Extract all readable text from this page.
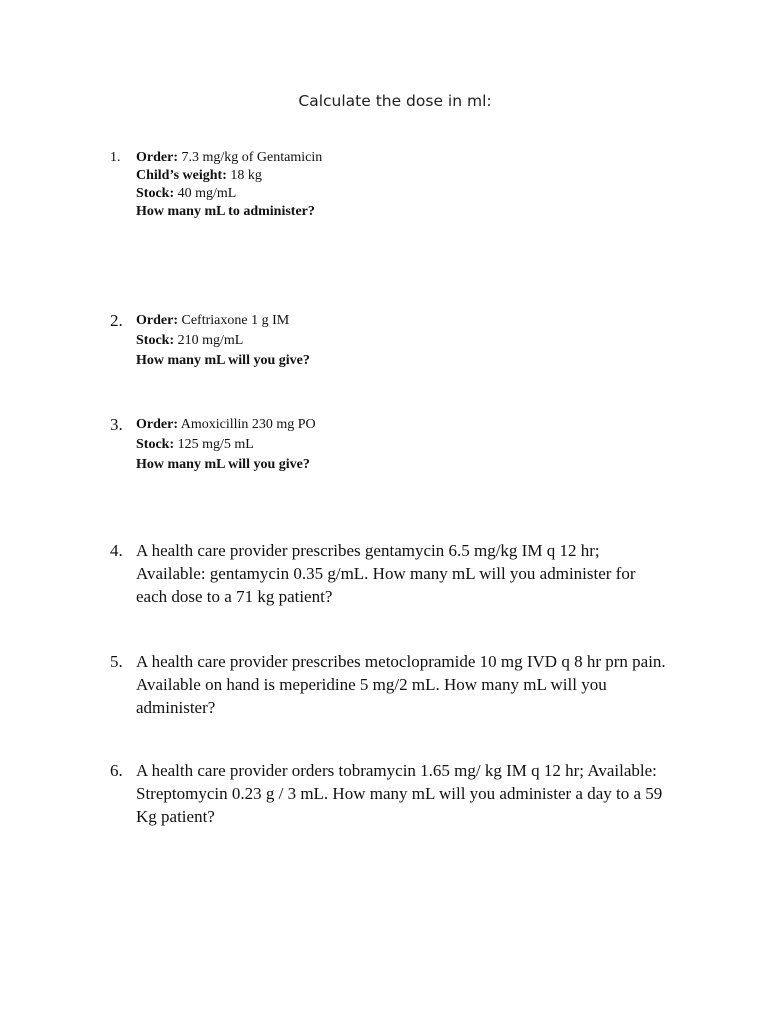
Calculate the dose in ml:
1. Order: 7.3 mg/kg of Gentamicin
Child’s weight: 18 kg
Stock: 40 mg/mL
How many mL to administer?
2. Order: Ceftriaxone 1 g IM
Stock: 210 mg/mL
How many mL will you give?
3. Order: Amoxicillin 230 mg PO
Stock: 125 mg/5 mL
How many mL will you give?
4. A health care provider prescribes gentamycin 6.5 mg/kg IM q 12 hr; Available: gentamycin 0.35 g/mL. How many mL will you administer for each dose to a 71 kg patient?
5. A health care provider prescribes metoclopramide 10 mg IVD q 8 hr prn pain. Available on hand is meperidine 5 mg/2 mL. How many mL will you administer?
6. A health care provider orders tobramycin 1.65 mg/ kg IM q 12 hr; Available: Streptomycin 0.23 g / 3 mL. How many mL will you administer a day to a 59 Kg patient?
